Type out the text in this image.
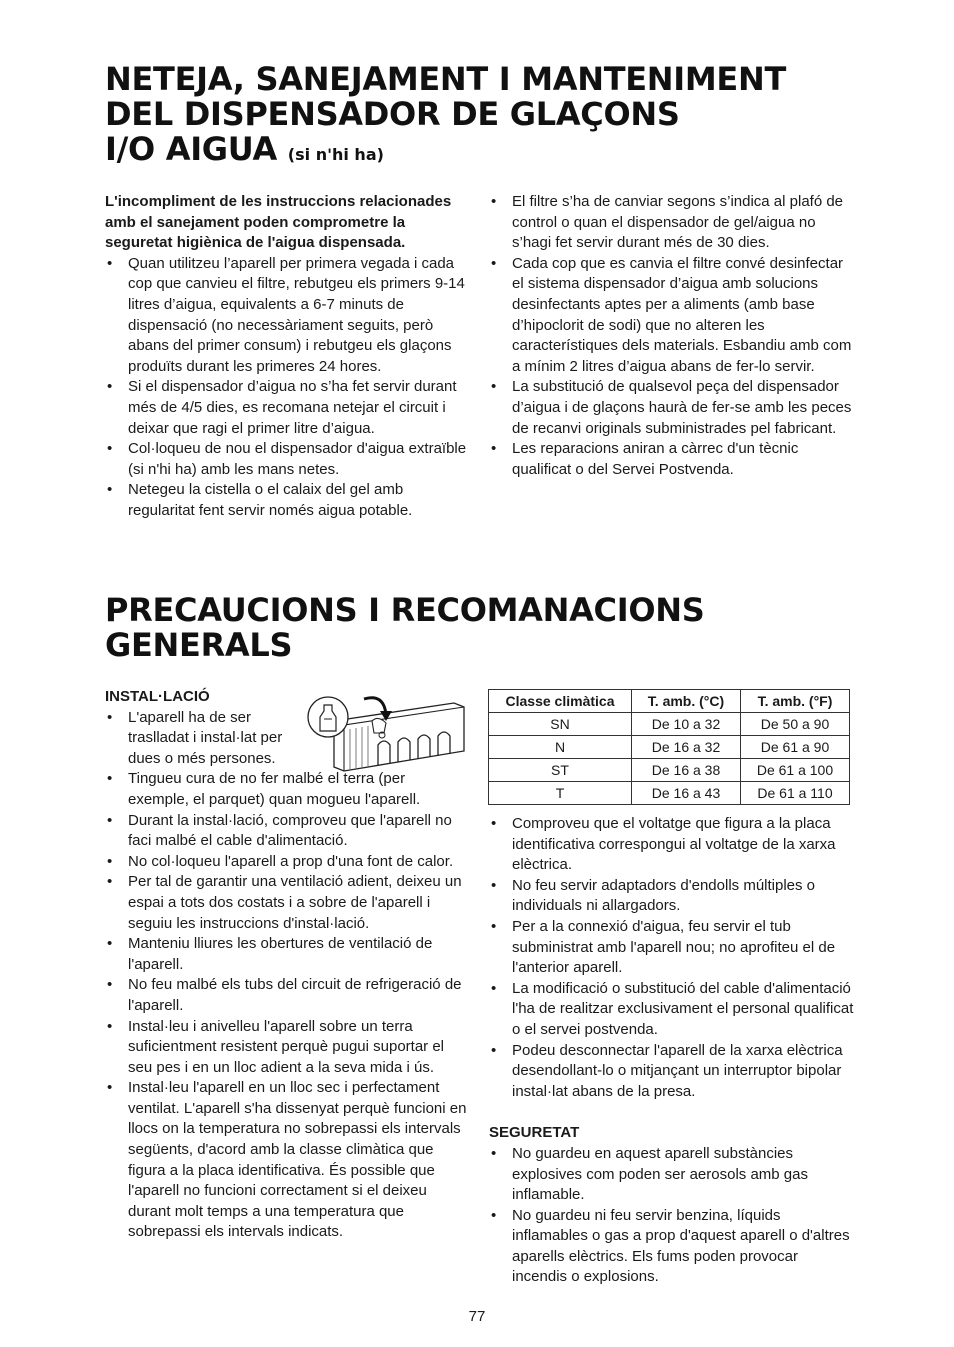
NETEJA, SANEJAMENT I MANTENIMENT
DEL DISPENSADOR DE GLAÇONS
I/O AIGUA (si n'hi ha)

L'incompliment de les instruccions relacionades amb el sanejament poden comprometre la seguretat higiènica de l'aigua dispensada.

• Quan utilitzeu l’aparell per primera vegada i cada cop que canvieu el filtre, rebutgeu els primers 9-14 litres d’aigua, equivalents a 6-7 minuts de dispensació (no necessàriament seguits, però abans del primer consum) i rebutgeu els glaçons produïts durant les primeres 24 hores.
• Si el dispensador d’aigua no s’ha fet servir durant més de 4/5 dies, es recomana netejar el circuit i deixar que ragi el primer litre d’aigua.
• Col·loqueu de nou el dispensador d'aigua extraïble (si n'hi ha) amb les mans netes.
• Netegeu la cistella o el calaix del gel amb regularitat fent servir només aigua potable.
• El filtre s’ha de canviar segons s’indica al plafó de control o quan el dispensador de gel/aigua no s’hagi fet servir durant més de 30 dies.
• Cada cop que es canvia el filtre convé desinfectar el sistema dispensador d’aigua amb solucions desinfectants aptes per a aliments (amb base d’hipoclorit de sodi) que no alteren les característiques dels materials. Esbandiu amb com a mínim 2 litres d’aigua abans de fer-lo servir.
• La substitució de qualsevol peça del dispensador d’aigua i de glaçons haurà de fer-se amb les peces de recanvi originals subministrades pel fabricant.
• Les reparacions aniran a càrrec d'un tècnic qualificat o del Servei Postvenda.
PRECAUCIONS I RECOMANACIONS
GENERALS

INSTAL·LACIÓ

• L'aparell ha de ser traslladat i instal·lat per dues o més persones.
• Tingueu cura de no fer malbé el terra (per exemple, el parquet) quan mogueu l'aparell.
• Durant la instal·lació, comproveu que l'aparell no faci malbé el cable d'alimentació.
• No col·loqueu l'aparell a prop d'una font de calor.
• Per tal de garantir una ventilació adient, deixeu un espai a tots dos costats i a sobre de l'aparell i seguiu les instruccions d'instal·lació.
• Manteniu lliures les obertures de ventilació de l'aparell.
• No feu malbé els tubs del circuit de refrigeració de l'aparell.
• Instal·leu i anivelleu l'aparell sobre un terra suficientment resistent perquè pugui suportar el seu pes i en un lloc adient a la seva mida i ús.
• Instal·leu l'aparell en un lloc sec i perfectament ventilat. L'aparell s'ha dissenyat perquè funcioni en llocs on la temperatura no sobrepassi els intervals següents, d'acord amb la classe climàtica que figura a la placa identificativa. És possible que l'aparell no funcioni correctament si el deixeu durant molt temps a una temperatura que sobrepassi els intervals indicats.
Classe climàtica	T. amb. (°C)	T. amb. (°F)
SN	De 10 a 32	De 50 a 90
N	De 16 a 32	De 61 a 90
ST	De 16 a 38	De 61 a 100
T	De 16 a 43	De 61 a 110
• Comproveu que el voltatge que figura a la placa identificativa correspongui al voltatge de la xarxa elèctrica.
• No feu servir adaptadors d'endolls múltiples o individuals ni allargadors.
• Per a la connexió d'aigua, feu servir el tub subministrat amb l'aparell nou; no aprofiteu el de l'anterior aparell.
• La modificació o substitució del cable d'alimentació l'ha de realitzar exclusivament el personal qualificat o el servei postvenda.
• Podeu desconnectar l'aparell de la xarxa elèctrica desendollant-lo o mitjançant un interruptor bipolar instal·lat abans de la presa.

SEGURETAT

• No guardeu en aquest aparell substàncies explosives com poden ser aerosols amb gas inflamable.
• No guardeu ni feu servir benzina, líquids inflamables o gas a prop d'aquest aparell o d'altres aparells elèctrics. Els fums poden provocar incendis o explosions.
77
